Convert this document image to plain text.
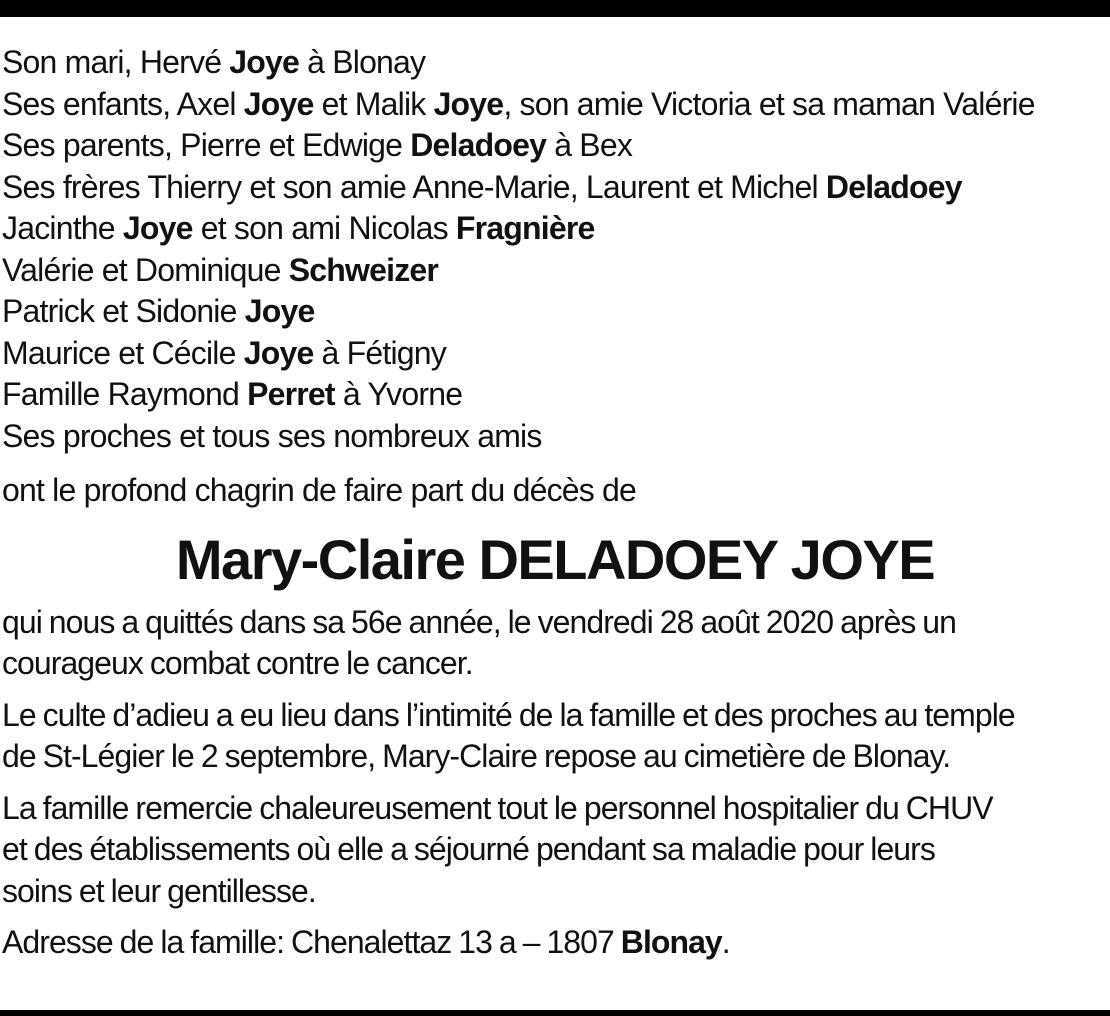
Son mari, Hervé Joye à Blonay
Ses enfants, Axel Joye et Malik Joye, son amie Victoria et sa maman Valérie
Ses parents, Pierre et Edwige Deladoey à Bex
Ses frères Thierry et son amie Anne-Marie, Laurent et Michel Deladoey
Jacinthe Joye et son ami Nicolas Fragnière
Valérie et Dominique Schweizer
Patrick et Sidonie Joye
Maurice et Cécile Joye à Fétigny
Famille Raymond Perret à Yvorne
Ses proches et tous ses nombreux amis
ont le profond chagrin de faire part du décès de
Mary-Claire DELADOEY JOYE
qui nous a quittés dans sa 56e année, le vendredi 28 août 2020 après un
courageux combat contre le cancer.
Le culte d’adieu a eu lieu dans l’intimité de la famille et des proches au temple
de St-Légier le 2 septembre, Mary-Claire repose au cimetière de Blonay.
La famille remercie chaleureusement tout le personnel hospitalier du CHUV
et des établissements où elle a séjourné pendant sa maladie pour leurs
soins et leur gentillesse.
Adresse de la famille: Chenalettaz 13 a – 1807 Blonay.
